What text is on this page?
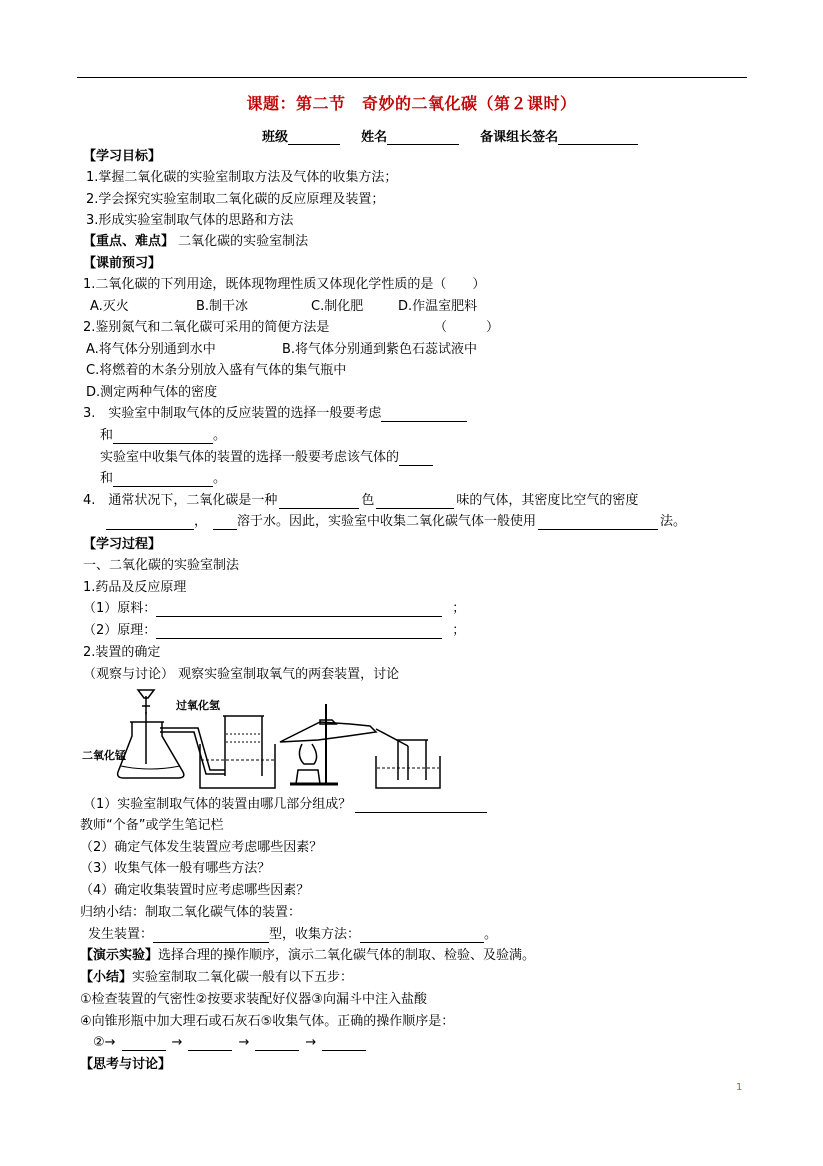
课题：第二节　奇妙的二氧化碳（第２课时）
班级	姓名	备课组长签名
【学习目标】
1.掌握二氧化碳的实验室制取方法及气体的收集方法；
2.学会探究实验室制取二氧化碳的反应原理及装置；
3.形成实验室制取气体的思路和方法
【重点、难点】 二氧化碳的实验室制法
【课前预习】
1.二氧化碳的下列用途，既体现物理性质又体现化学性质的是（　　）
A.灭火	B.制干冰	C.制化肥	D.作温室肥料
2.鉴别氮气和二氧化碳可采用的简便方法是	（　　　）
A.将气体分别通到水中	B.将气体分别通到紫色石蕊试液中
C.将燃着的木条分别放入盛有气体的集气瓶中
D.测定两种气体的密度
3.　实验室中制取气体的反应装置的选择一般要考虑
和	。
实验室中收集气体的装置的选择一般要考虑该气体的
和	。
4.　通常状况下，二氧化碳是一种	色	味的气体，其密度比空气的密度
， 溶于水。因此，实验室中收集二氧化碳气体一般使用	法。
【学习过程】
一、二氧化碳的实验室制法
1.药品及反应原理
（1）原料：	；
（2）原理：	；
2.装置的确定
（观察与讨论） 观察实验室制取氧气的两套装置，讨论
过氧化氢
二氧化锰
（1）实验室制取气体的装置由哪几部分组成？
教师“个备”或学生笔记栏
（2）确定气体发生装置应考虑哪些因素？
（3）收集气体一般有哪些方法？
（4）确定收集装置时应考虑哪些因素？
归纳小结：制取二氧化碳气体的装置：
发生装置：	型，收集方法：	。
【演示实验】选择合理的操作顺序，演示二氧化碳气体的制取、检验、及验满。
【小结】实验室制取二氧化碳一般有以下五步：
①检查装置的气密性②按要求装配好仪器③向漏斗中注入盐酸
④向锥形瓶中加大理石或石灰石⑤收集气体。正确的操作顺序是：
②→	→	→	→
【思考与讨论】
1
